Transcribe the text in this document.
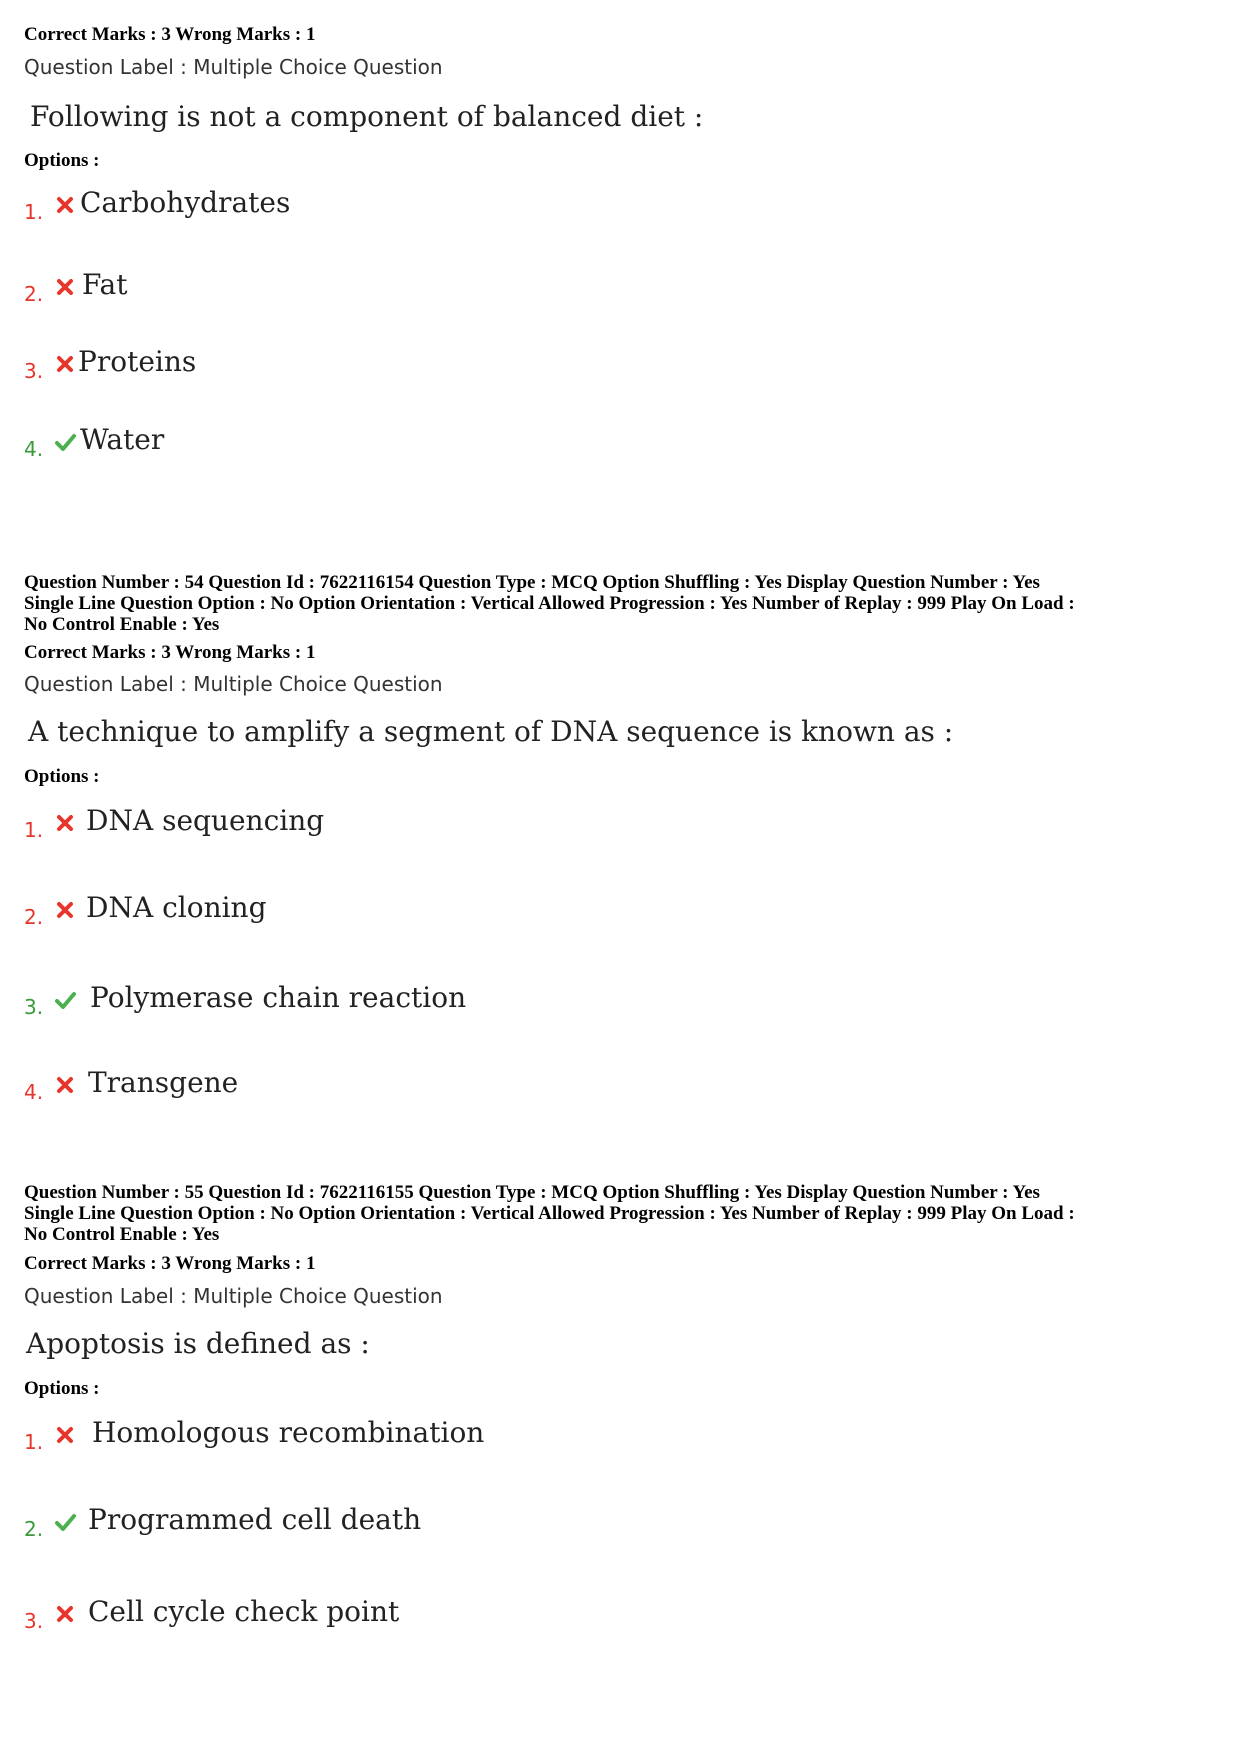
Correct Marks : 3 Wrong Marks : 1
Question Label : Multiple Choice Question
Following is not a component of balanced diet :
Options :
1. Carbohydrates
2. Fat
3. Proteins
4. Water
Question Number : 54 Question Id : 7622116154 Question Type : MCQ Option Shuffling : Yes Display Question Number : Yes
Single Line Question Option : No Option Orientation : Vertical Allowed Progression : Yes Number of Replay : 999 Play On Load :
No Control Enable : Yes
Correct Marks : 3 Wrong Marks : 1
Question Label : Multiple Choice Question
A technique to amplify a segment of DNA sequence is known as :
Options :
1. DNA sequencing
2. DNA cloning
3. Polymerase chain reaction
4. Transgene
Question Number : 55 Question Id : 7622116155 Question Type : MCQ Option Shuffling : Yes Display Question Number : Yes
Single Line Question Option : No Option Orientation : Vertical Allowed Progression : Yes Number of Replay : 999 Play On Load :
No Control Enable : Yes
Correct Marks : 3 Wrong Marks : 1
Question Label : Multiple Choice Question
Apoptosis is defined as :
Options :
1. Homologous recombination
2. Programmed cell death
3. Cell cycle check point
